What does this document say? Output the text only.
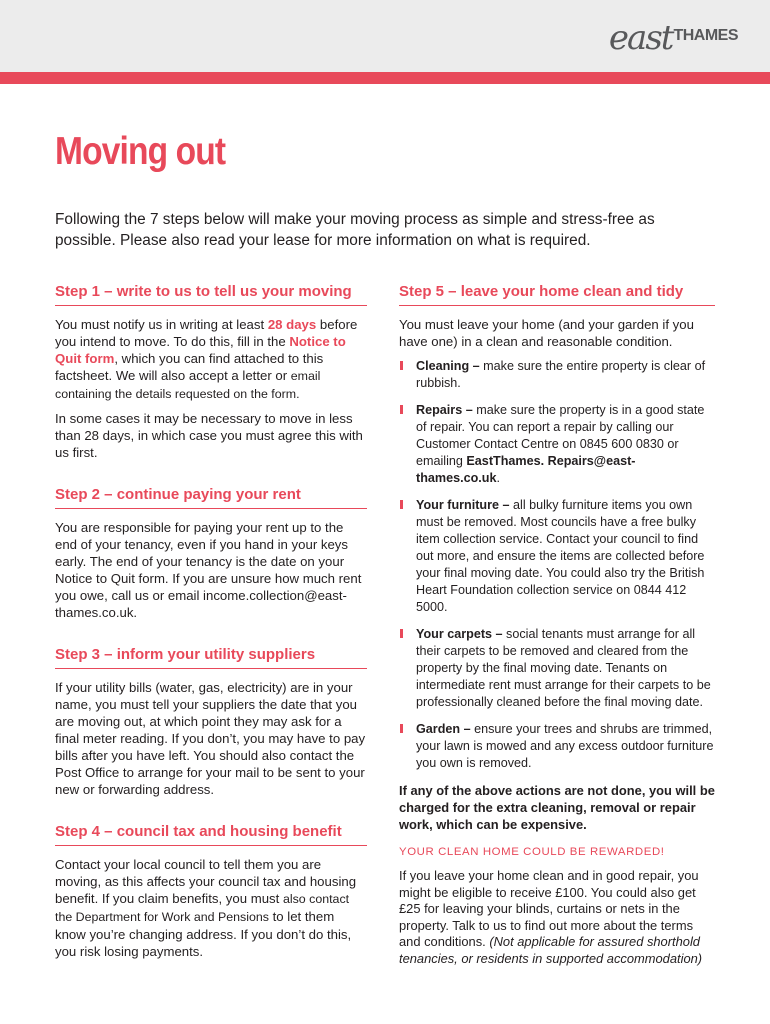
east THAMES
Moving out

Following the 7 steps below will make your moving process as simple and stress-free as possible. Please also read your lease for more information on what is required.

Step 1 – write to us to tell us your moving

You must notify us in writing at least 28 days before you intend to move. To do this, fill in the Notice to Quit form, which you can find attached to this factsheet. We will also accept a letter or email containing the details requested on the form.

In some cases it may be necessary to move in less than 28 days, in which case you must agree this with us first.

Step 2 – continue paying your rent

You are responsible for paying your rent up to the end of your tenancy, even if you hand in your keys early. The end of your tenancy is the date on your Notice to Quit form. If you are unsure how much rent you owe, call us or email income.collection@east-thames.co.uk.

Step 3 – inform your utility suppliers

If your utility bills (water, gas, electricity) are in your name, you must tell your suppliers the date that you are moving out, at which point they may ask for a final meter reading. If you don’t, you may have to pay bills after you have left. You should also contact the Post Office to arrange for your mail to be sent to your new or forwarding address.

Step 4 – council tax and housing benefit

Contact your local council to tell them you are moving, as this affects your council tax and housing benefit. If you claim benefits, you must also contact the Department for Work and Pensions to let them know you’re changing address. If you don’t do this, you risk losing payments.

Step 5 – leave your home clean and tidy

You must leave your home (and your garden if you have one) in a clean and reasonable condition.

Cleaning – make sure the entire property is clear of rubbish.
Repairs – make sure the property is in a good state of repair. You can report a repair by calling our Customer Contact Centre on 0845 600 0830 or emailing EastThames. Repairs@east-thames.co.uk.
Your furniture – all bulky furniture items you own must be removed. Most councils have a free bulky item collection service. Contact your council to find out more, and ensure the items are collected before your final moving date. You could also try the British Heart Foundation collection service on 0844 412 5000.
Your carpets – social tenants must arrange for all their carpets to be removed and cleared from the property by the final moving date. Tenants on intermediate rent must arrange for their carpets to be professionally cleaned before the final moving date.
Garden – ensure your trees and shrubs are trimmed, your lawn is mowed and any excess outdoor furniture you own is removed.

If any of the above actions are not done, you will be charged for the extra cleaning, removal or repair work, which can be expensive.

YOUR CLEAN HOME COULD BE REWARDED!

If you leave your home clean and in good repair, you might be eligible to receive £100. You could also get £25 for leaving your blinds, curtains or nets in the property. Talk to us to find out more about the terms and conditions. (Not applicable for assured shorthold tenancies, or residents in supported accommodation)
